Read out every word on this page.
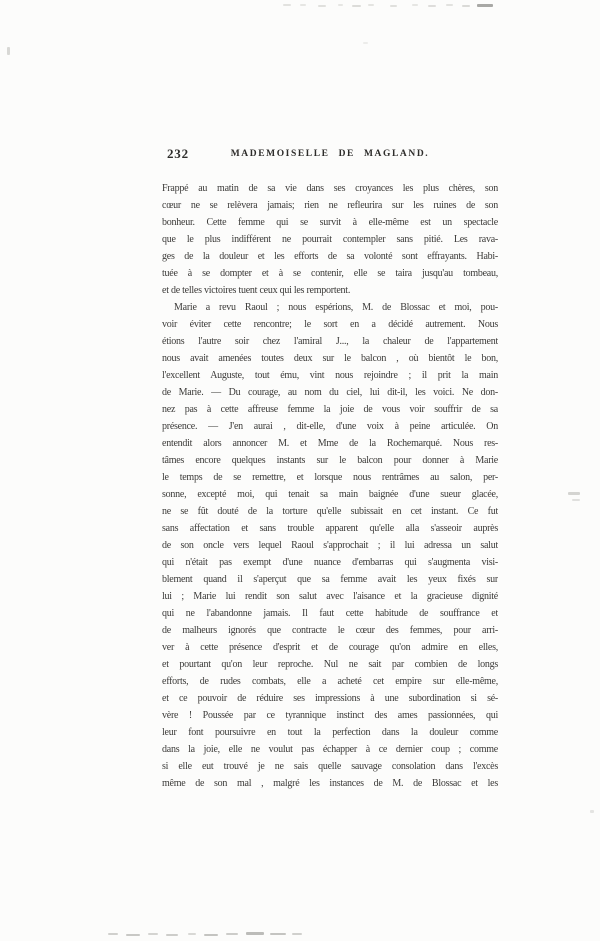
232	MADEMOISELLE DE MAGLAND.
Frappé au matin de sa vie dans ses croyances les plus chères, son
cœur ne se relèvera jamais; rien ne refleurira sur les ruines de son
bonheur. Cette femme qui se survit à elle-même est un spectacle
que le plus indifférent ne pourrait contempler sans pitié. Les rava-
ges de la douleur et les efforts de sa volonté sont effrayants. Habi-
tuée à se dompter et à se contenir, elle se taira jusqu'au tombeau,
et de telles victoires tuent ceux qui les remportent.
Marie a revu Raoul ; nous espérions, M. de Blossac et moi, pou-
voir éviter cette rencontre; le sort en a décidé autrement. Nous
étions l'autre soir chez l'amiral J..., la chaleur de l'appartement
nous avait amenées toutes deux sur le balcon , où bientôt le bon,
l'excellent Auguste, tout ému, vint nous rejoindre ; il prit la main
de Marie. — Du courage, au nom du ciel, lui dit-il, les voici. Ne don-
nez pas à cette affreuse femme la joie de vous voir souffrir de sa
présence. — J'en aurai , dit-elle, d'une voix à peine articulée. On
entendit alors annoncer M. et Mme de la Rochemarqué. Nous res-
tâmes encore quelques instants sur le balcon pour donner à Marie
le temps de se remettre, et lorsque nous rentrâmes au salon, per-
sonne, excepté moi, qui tenait sa main baignée d'une sueur glacée,
ne se fût douté de la torture qu'elle subissait en cet instant. Ce fut
sans affectation et sans trouble apparent qu'elle alla s'asseoir auprès
de son oncle vers lequel Raoul s'approchait ; il lui adressa un salut
qui n'était pas exempt d'une nuance d'embarras qui s'augmenta visi-
blement quand il s'aperçut que sa femme avait les yeux fixés sur
lui ; Marie lui rendit son salut avec l'aisance et la gracieuse dignité
qui ne l'abandonne jamais. Il faut cette habitude de souffrance et
de malheurs ignorés que contracte le cœur des femmes, pour arri-
ver à cette présence d'esprit et de courage qu'on admire en elles,
et pourtant qu'on leur reproche. Nul ne sait par combien de longs
efforts, de rudes combats, elle a acheté cet empire sur elle-même,
et ce pouvoir de réduire ses impressions à une subordination si sé-
vère ! Poussée par ce tyrannique instinct des ames passionnées, qui
leur font poursuivre en tout la perfection dans la douleur comme
dans la joie, elle ne voulut pas échapper à ce dernier coup ; comme
si elle eut trouvé je ne sais quelle sauvage consolation dans l'excès
même de son mal , malgré les instances de M. de Blossac et les
